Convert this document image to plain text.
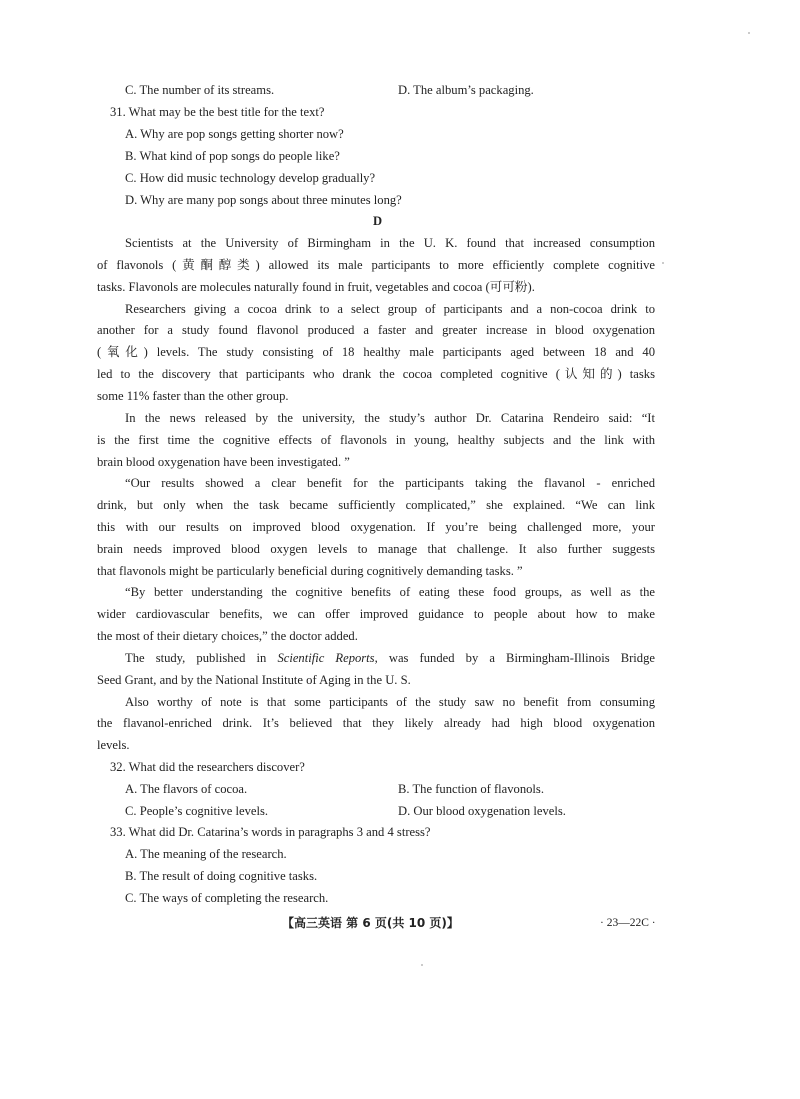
C. The number of its streams.	D. The album’s packaging.
31. What may be the best title for the text?
A. Why are pop songs getting shorter now?
B. What kind of pop songs do people like?
C. How did music technology develop gradually?
D. Why are many pop songs about three minutes long?
D
Scientists at the University of Birmingham in the U. K. found that increased consumption
of flavonols (黄酮醇类) allowed its male participants to more efficiently complete cognitive
tasks. Flavonols are molecules naturally found in fruit, vegetables and cocoa (可可粉).
Researchers giving a cocoa drink to a select group of participants and a non-cocoa drink to
another for a study found flavonol produced a faster and greater increase in blood oxygenation
(氧化) levels. The study consisting of 18 healthy male participants aged between 18 and 40
led to the discovery that participants who drank the cocoa completed cognitive (认知的) tasks
some 11% faster than the other group.
In the news released by the university, the study’s author Dr. Catarina Rendeiro said: “It
is the first time the cognitive effects of flavonols in young, healthy subjects and the link with
brain blood oxygenation have been investigated. ”
“Our results showed a clear benefit for the participants taking the flavanol - enriched
drink, but only when the task became sufficiently complicated,” she explained. “We can link
this with our results on improved blood oxygenation. If you’re being challenged more, your
brain needs improved blood oxygen levels to manage that challenge. It also further suggests
that flavonols might be particularly beneficial during cognitively demanding tasks. ”
“By better understanding the cognitive benefits of eating these food groups, as well as the
wider cardiovascular benefits, we can offer improved guidance to people about how to make
the most of their dietary choices,” the doctor added.
The study, published in Scientific Reports, was funded by a Birmingham-Illinois Bridge
Seed Grant, and by the National Institute of Aging in the U. S.
Also worthy of note is that some participants of the study saw no benefit from consuming
the flavanol-enriched drink. It’s believed that they likely already had high blood oxygenation
levels.
32. What did the researchers discover?
A. The flavors of cocoa.	B. The function of flavonols.
C. People’s cognitive levels.	D. Our blood oxygenation levels.
33. What did Dr. Catarina’s words in paragraphs 3 and 4 stress?
A. The meaning of the research.
B. The result of doing cognitive tasks.
C. The ways of completing the research.
【高三英语 第 6 页(共 10 页)】	· 23—22C ·
